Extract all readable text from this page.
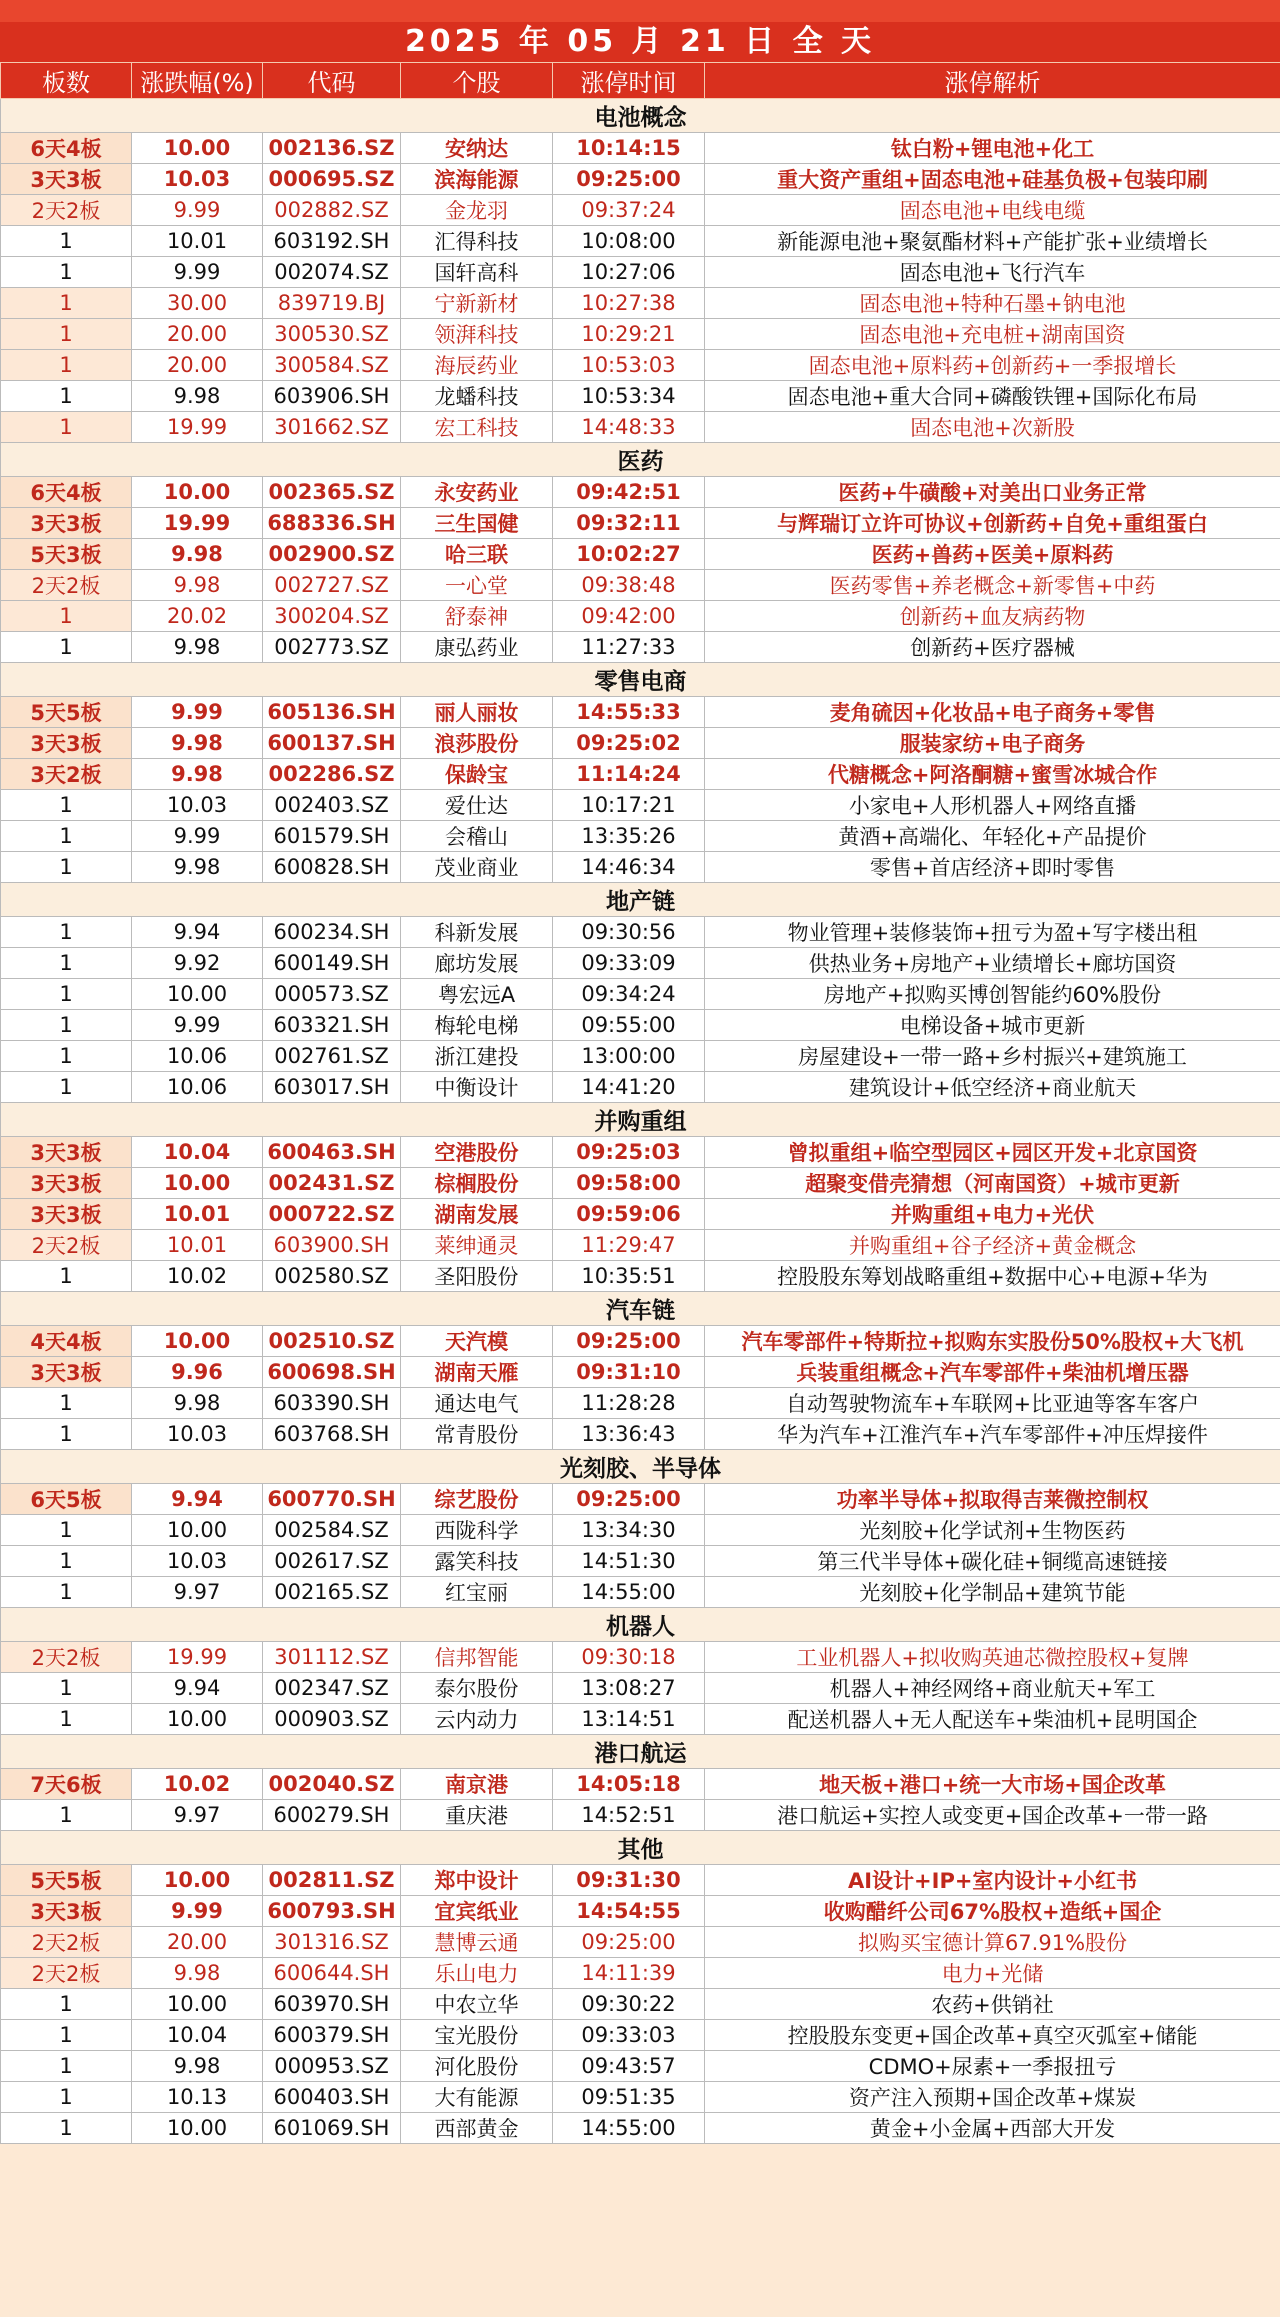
2025 年 05 月 21 日 全 天
板数	涨跌幅(%)	代码	个股	涨停时间	涨停解析
电池概念					
6天4板	10.00	002136.SZ	安纳达	10:14:15	钛白粉+锂电池+化工
3天3板	10.03	000695.SZ	滨海能源	09:25:00	重大资产重组+固态电池+硅基负极+包装印刷
2天2板	9.99	002882.SZ	金龙羽	09:37:24	固态电池+电线电缆
1	10.01	603192.SH	汇得科技	10:08:00	新能源电池+聚氨酯材料+产能扩张+业绩增长
1	9.99	002074.SZ	国轩高科	10:27:06	固态电池+飞行汽车
1	30.00	839719.BJ	宁新新材	10:27:38	固态电池+特种石墨+钠电池
1	20.00	300530.SZ	领湃科技	10:29:21	固态电池+充电桩+湖南国资
1	20.00	300584.SZ	海辰药业	10:53:03	固态电池+原料药+创新药+一季报增长
1	9.98	603906.SH	龙蟠科技	10:53:34	固态电池+重大合同+磷酸铁锂+国际化布局
1	19.99	301662.SZ	宏工科技	14:48:33	固态电池+次新股
医药					
6天4板	10.00	002365.SZ	永安药业	09:42:51	医药+牛磺酸+对美出口业务正常
3天3板	19.99	688336.SH	三生国健	09:32:11	与辉瑞订立许可协议+创新药+自免+重组蛋白
5天3板	9.98	002900.SZ	哈三联	10:02:27	医药+兽药+医美+原料药
2天2板	9.98	002727.SZ	一心堂	09:38:48	医药零售+养老概念+新零售+中药
1	20.02	300204.SZ	舒泰神	09:42:00	创新药+血友病药物
1	9.98	002773.SZ	康弘药业	11:27:33	创新药+医疗器械
零售电商					
5天5板	9.99	605136.SH	丽人丽妆	14:55:33	麦角硫因+化妆品+电子商务+零售
3天3板	9.98	600137.SH	浪莎股份	09:25:02	服装家纺+电子商务
3天2板	9.98	002286.SZ	保龄宝	11:14:24	代糖概念+阿洛酮糖+蜜雪冰城合作
1	10.03	002403.SZ	爱仕达	10:17:21	小家电+人形机器人+网络直播
1	9.99	601579.SH	会稽山	13:35:26	黄酒+高端化、年轻化+产品提价
1	9.98	600828.SH	茂业商业	14:46:34	零售+首店经济+即时零售
地产链					
1	9.94	600234.SH	科新发展	09:30:56	物业管理+装修装饰+扭亏为盈+写字楼出租
1	9.92	600149.SH	廊坊发展	09:33:09	供热业务+房地产+业绩增长+廊坊国资
1	10.00	000573.SZ	粤宏远A	09:34:24	房地产+拟购买博创智能约60%股份
1	9.99	603321.SH	梅轮电梯	09:55:00	电梯设备+城市更新
1	10.06	002761.SZ	浙江建投	13:00:00	房屋建设+一带一路+乡村振兴+建筑施工
1	10.06	603017.SH	中衡设计	14:41:20	建筑设计+低空经济+商业航天
并购重组					
3天3板	10.04	600463.SH	空港股份	09:25:03	曾拟重组+临空型园区+园区开发+北京国资
3天3板	10.00	002431.SZ	棕榈股份	09:58:00	超聚变借壳猜想（河南国资）+城市更新
3天3板	10.01	000722.SZ	湖南发展	09:59:06	并购重组+电力+光伏
2天2板	10.01	603900.SH	莱绅通灵	11:29:47	并购重组+谷子经济+黄金概念
1	10.02	002580.SZ	圣阳股份	10:35:51	控股股东筹划战略重组+数据中心+电源+华为
汽车链					
4天4板	10.00	002510.SZ	天汽模	09:25:00	汽车零部件+特斯拉+拟购东实股份50%股权+大飞机
3天3板	9.96	600698.SH	湖南天雁	09:31:10	兵装重组概念+汽车零部件+柴油机增压器
1	9.98	603390.SH	通达电气	11:28:28	自动驾驶物流车+车联网+比亚迪等客车客户
1	10.03	603768.SH	常青股份	13:36:43	华为汽车+江淮汽车+汽车零部件+冲压焊接件
光刻胶、半导体					
6天5板	9.94	600770.SH	综艺股份	09:25:00	功率半导体+拟取得吉莱微控制权
1	10.00	002584.SZ	西陇科学	13:34:30	光刻胶+化学试剂+生物医药
1	10.03	002617.SZ	露笑科技	14:51:30	第三代半导体+碳化硅+铜缆高速链接
1	9.97	002165.SZ	红宝丽	14:55:00	光刻胶+化学制品+建筑节能
机器人					
2天2板	19.99	301112.SZ	信邦智能	09:30:18	工业机器人+拟收购英迪芯微控股权+复牌
1	9.94	002347.SZ	泰尔股份	13:08:27	机器人+神经网络+商业航天+军工
1	10.00	000903.SZ	云内动力	13:14:51	配送机器人+无人配送车+柴油机+昆明国企
港口航运					
7天6板	10.02	002040.SZ	南京港	14:05:18	地天板+港口+统一大市场+国企改革
1	9.97	600279.SH	重庆港	14:52:51	港口航运+实控人或变更+国企改革+一带一路
其他					
5天5板	10.00	002811.SZ	郑中设计	09:31:30	AI设计+IP+室内设计+小红书
3天3板	9.99	600793.SH	宜宾纸业	14:54:55	收购醋纤公司67%股权+造纸+国企
2天2板	20.00	301316.SZ	慧博云通	09:25:00	拟购买宝德计算67.91%股份
2天2板	9.98	600644.SH	乐山电力	14:11:39	电力+光储
1	10.00	603970.SH	中农立华	09:30:22	农药+供销社
1	10.04	600379.SH	宝光股份	09:33:03	控股股东变更+国企改革+真空灭弧室+储能
1	9.98	000953.SZ	河化股份	09:43:57	CDMO+尿素+一季报扭亏
1	10.13	600403.SH	大有能源	09:51:35	资产注入预期+国企改革+煤炭
1	10.00	601069.SH	西部黄金	14:55:00	黄金+小金属+西部大开发
